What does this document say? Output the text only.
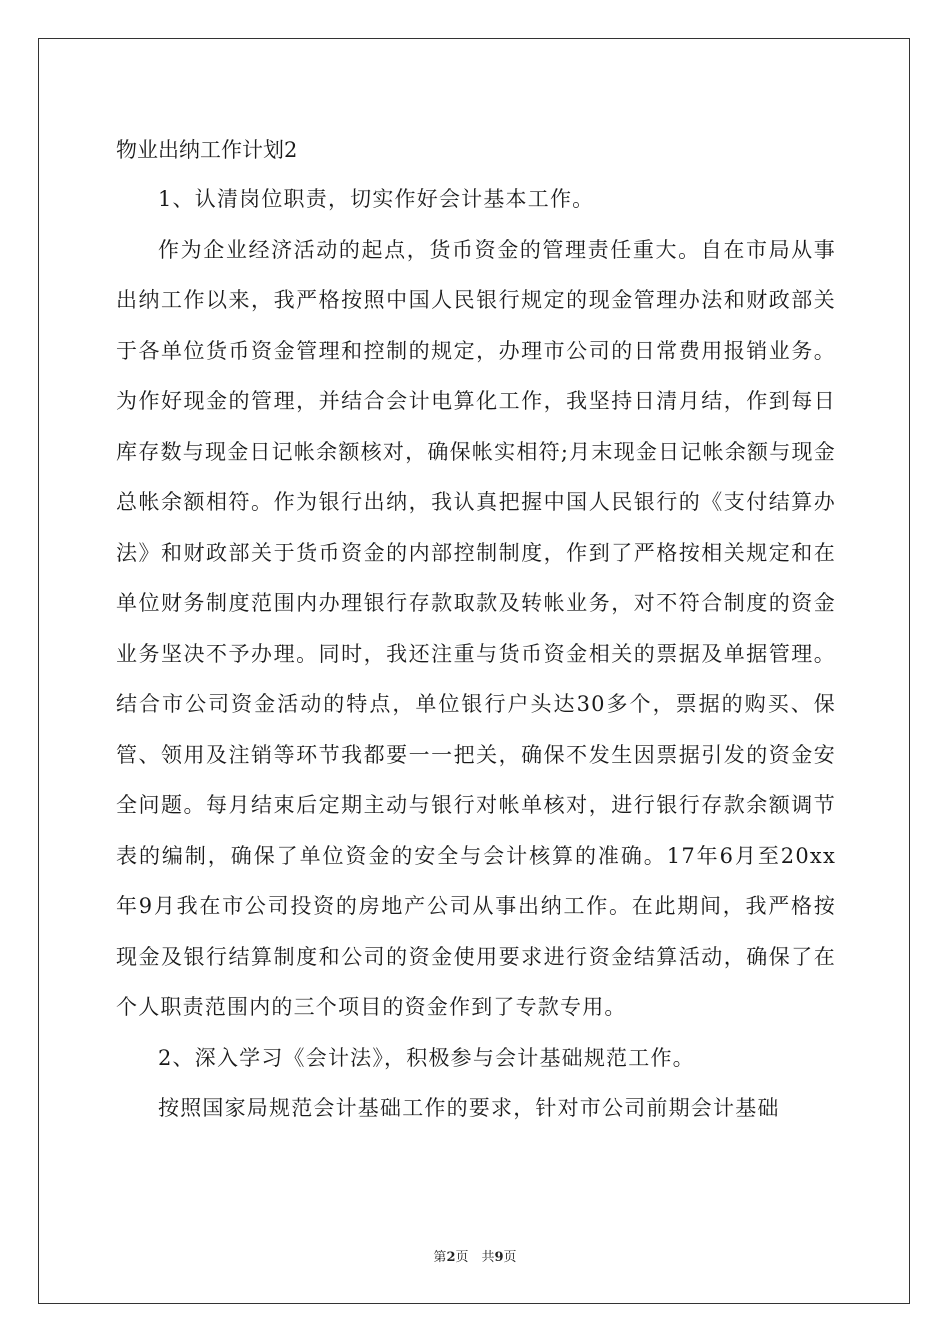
物业出纳工作计划2

1、认清岗位职责，切实作好会计基本工作。

作为企业经济活动的起点，货币资金的管理责任重大。自在市局从事出纳工作以来，我严格按照中国人民银行规定的现金管理办法和财政部关于各单位货币资金管理和控制的规定，办理市公司的日常费用报销业务。为作好现金的管理，并结合会计电算化工作，我坚持日清月结，作到每日库存数与现金日记帐余额核对，确保帐实相符;月末现金日记帐余额与现金总帐余额相符。作为银行出纳，我认真把握中国人民银行的《支付结算办法》和财政部关于货币资金的内部控制制度，作到了严格按相关规定和在单位财务制度范围内办理银行存款取款及转帐业务，对不符合制度的资金业务坚决不予办理。同时，我还注重与货币资金相关的票据及单据管理。结合市公司资金活动的特点，单位银行户头达30多个，票据的购买、保管、领用及注销等环节我都要一一把关，确保不发生因票据引发的资金安全问题。每月结束后定期主动与银行对帐单核对，进行银行存款余额调节表的编制，确保了单位资金的安全与会计核算的准确。17年6月至20xx年9月我在市公司投资的房地产公司从事出纳工作。在此期间，我严格按现金及银行结算制度和公司的资金使用要求进行资金结算活动，确保了在个人职责范围内的三个项目的资金作到了专款专用。

2、深入学习《会计法》，积极参与会计基础规范工作。

按照国家局规范会计基础工作的要求，针对市公司前期会计基础

第2页　共9页
